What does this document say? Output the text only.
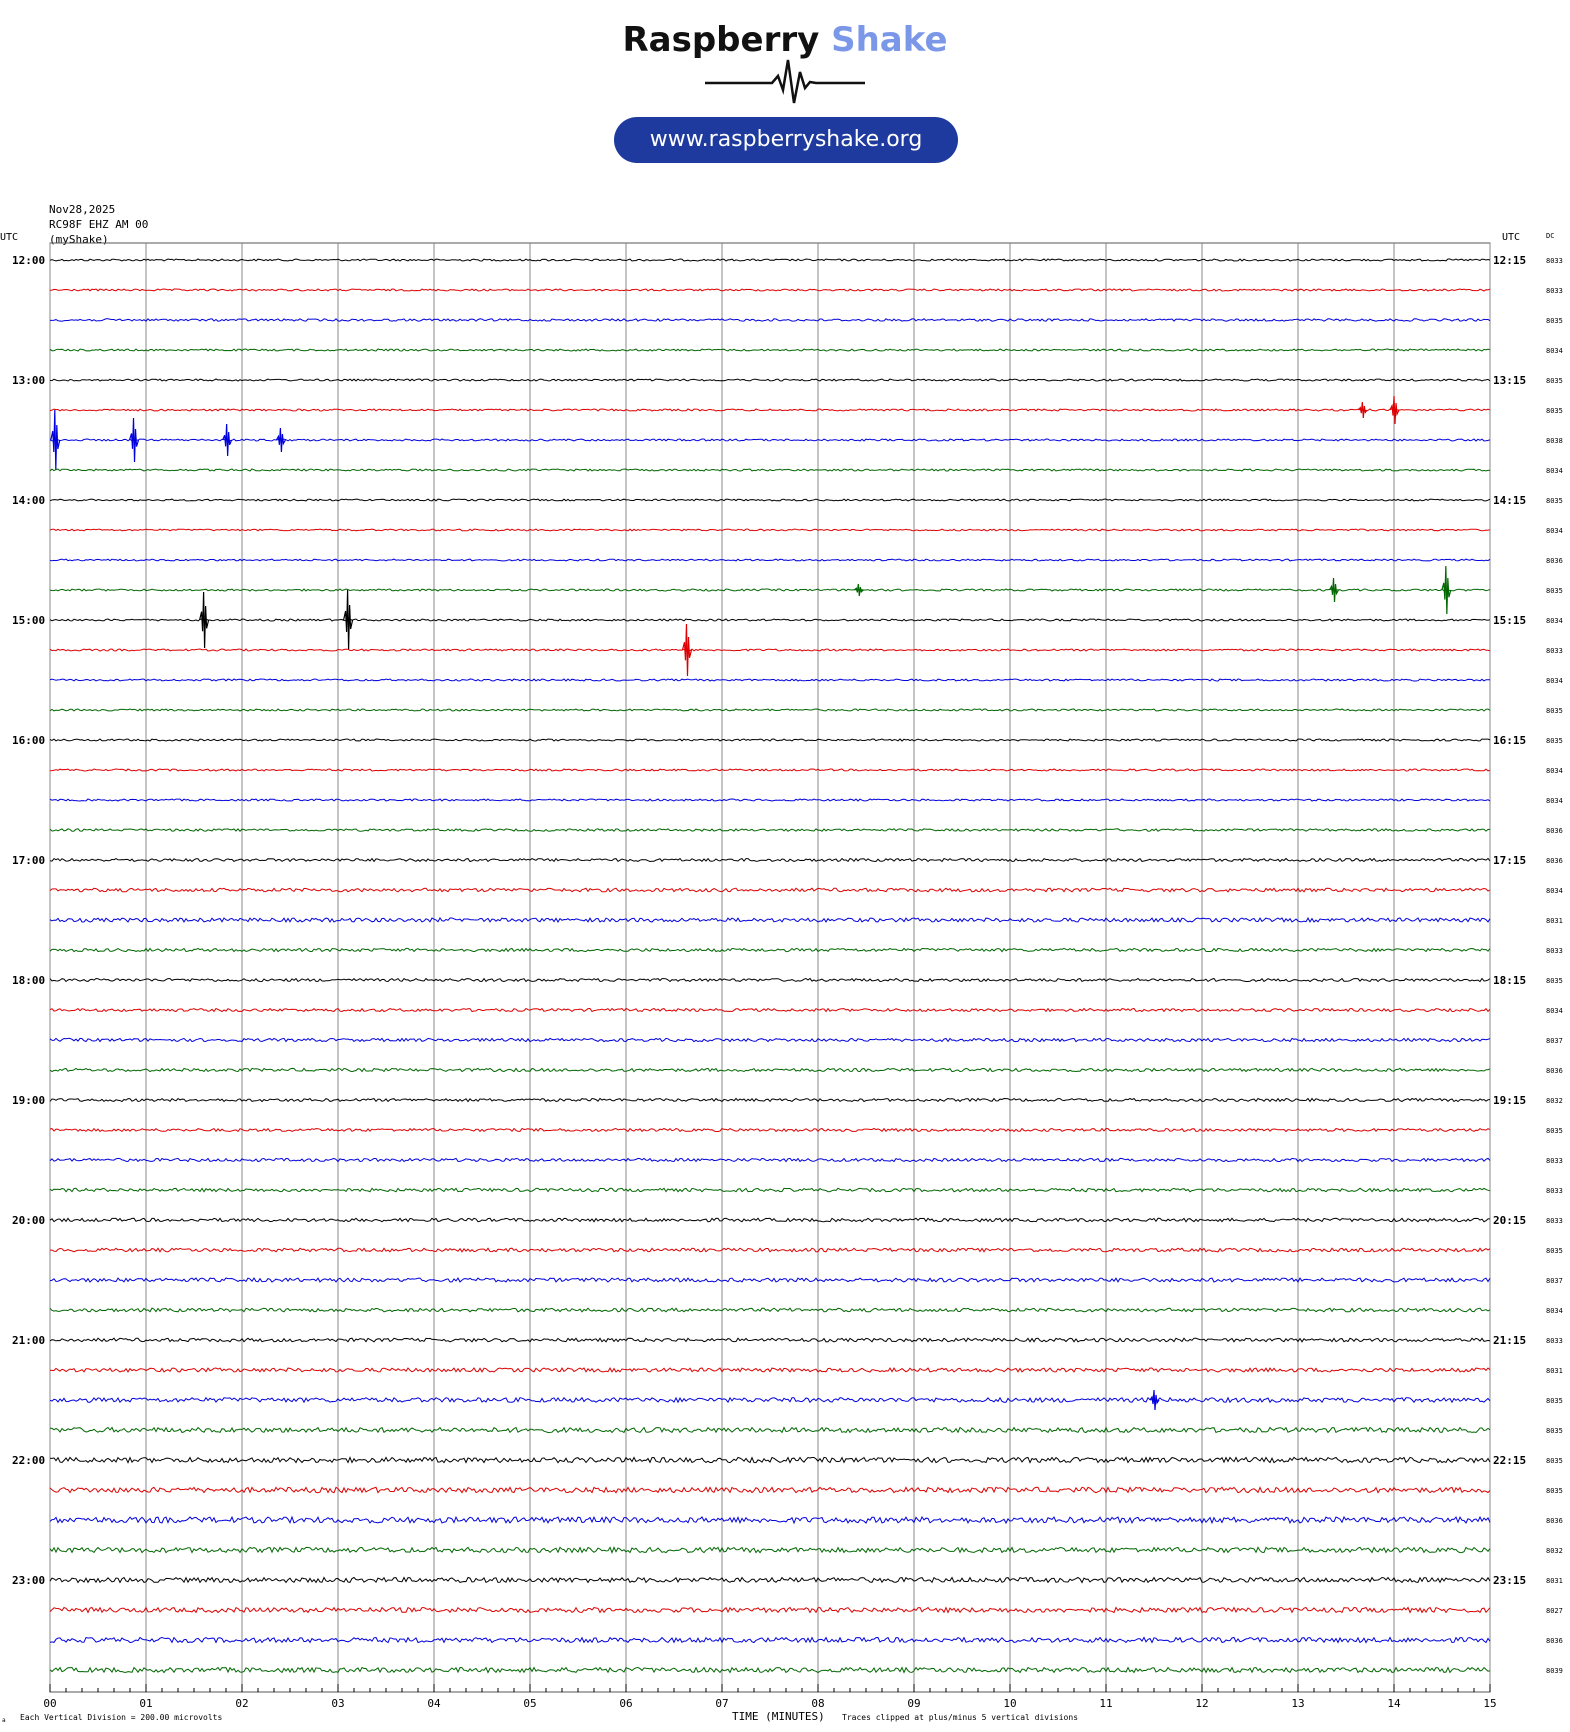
Raspberry Shake
www.raspberryshake.org
Nov28,2025
RC98F EHZ AM 00
(myShake)
00	01	02	03	04	05	06	07	08	09	10	11	12	13	14	15
UTC	UTC	DC
8033
12:00	12:15
8033
8035
8034
8035
13:00	13:15
8035
8038
8034
8035
14:00	14:15
8034
8036
8035
8034
15:00	15:15
8033
8034
8035
8035
16:00	16:15
8034
8034
8036
8036
17:00	17:15
8034
8031
8033
8035
18:00	18:15
8034
8037
8036
8032
19:00	19:15
8035
8033
8033
8033
20:00	20:15
8035
8037
8034
8033
21:00	21:15
8031
8035
8035
8035
22:00	22:15
8035
8036
8032
8031
23:00	23:15
8027
8036
8039
Each Vertical Division = 200.00 microvolts	TIME (MINUTES) Traces clipped at plus/minus 5 vertical divisions
a
